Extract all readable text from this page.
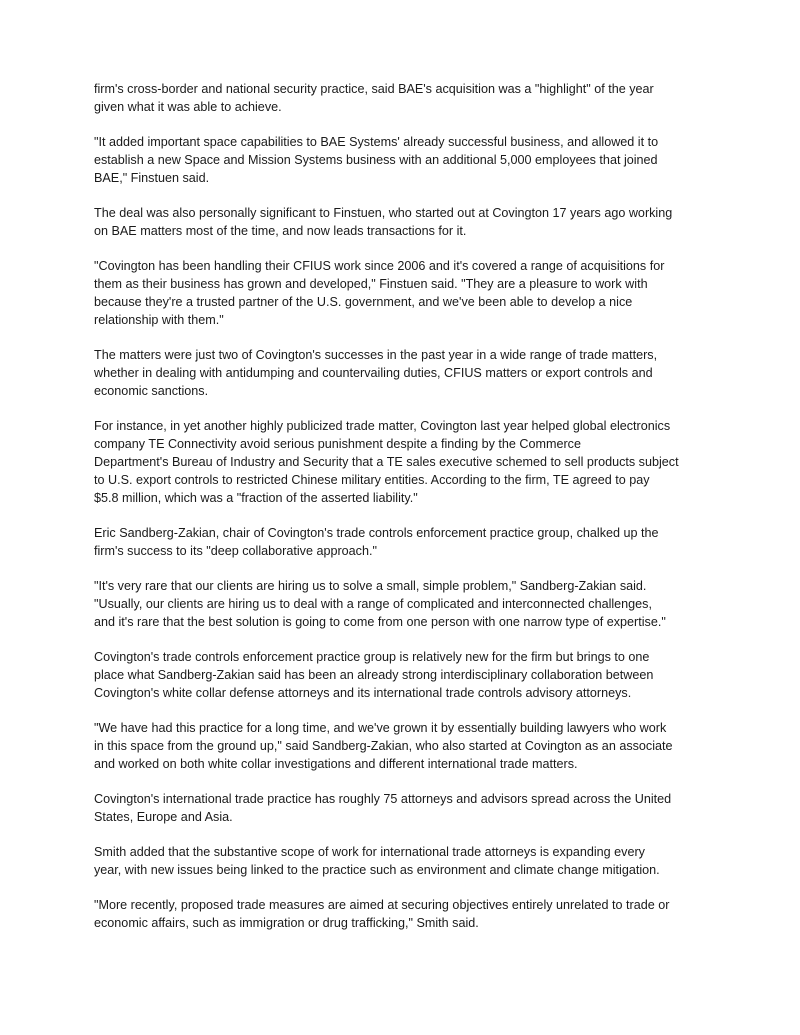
firm's cross-border and national security practice, said BAE's acquisition was a "highlight" of the year
given what it was able to achieve.

"It added important space capabilities to BAE Systems' already successful business, and allowed it to
establish a new Space and Mission Systems business with an additional 5,000 employees that joined
BAE," Finstuen said.

The deal was also personally significant to Finstuen, who started out at Covington 17 years ago working
on BAE matters most of the time, and now leads transactions for it.

"Covington has been handling their CFIUS work since 2006 and it's covered a range of acquisitions for
them as their business has grown and developed," Finstuen said. "They are a pleasure to work with
because they're a trusted partner of the U.S. government, and we've been able to develop a nice
relationship with them."

The matters were just two of Covington's successes in the past year in a wide range of trade matters,
whether in dealing with antidumping and countervailing duties, CFIUS matters or export controls and
economic sanctions.

For instance, in yet another highly publicized trade matter, Covington last year helped global electronics
company TE Connectivity avoid serious punishment despite a finding by the Commerce
Department's Bureau of Industry and Security that a TE sales executive schemed to sell products subject
to U.S. export controls to restricted Chinese military entities. According to the firm, TE agreed to pay
$5.8 million, which was a "fraction of the asserted liability."

Eric Sandberg-Zakian, chair of Covington's trade controls enforcement practice group, chalked up the
firm's success to its "deep collaborative approach."

"It's very rare that our clients are hiring us to solve a small, simple problem," Sandberg-Zakian said.
"Usually, our clients are hiring us to deal with a range of complicated and interconnected challenges,
and it's rare that the best solution is going to come from one person with one narrow type of expertise."

Covington's trade controls enforcement practice group is relatively new for the firm but brings to one
place what Sandberg-Zakian said has been an already strong interdisciplinary collaboration between
Covington's white collar defense attorneys and its international trade controls advisory attorneys.

"We have had this practice for a long time, and we've grown it by essentially building lawyers who work
in this space from the ground up," said Sandberg-Zakian, who also started at Covington as an associate
and worked on both white collar investigations and different international trade matters.

Covington's international trade practice has roughly 75 attorneys and advisors spread across the United
States, Europe and Asia.

Smith added that the substantive scope of work for international trade attorneys is expanding every
year, with new issues being linked to the practice such as environment and climate change mitigation.

"More recently, proposed trade measures are aimed at securing objectives entirely unrelated to trade or
economic affairs, such as immigration or drug trafficking," Smith said.
